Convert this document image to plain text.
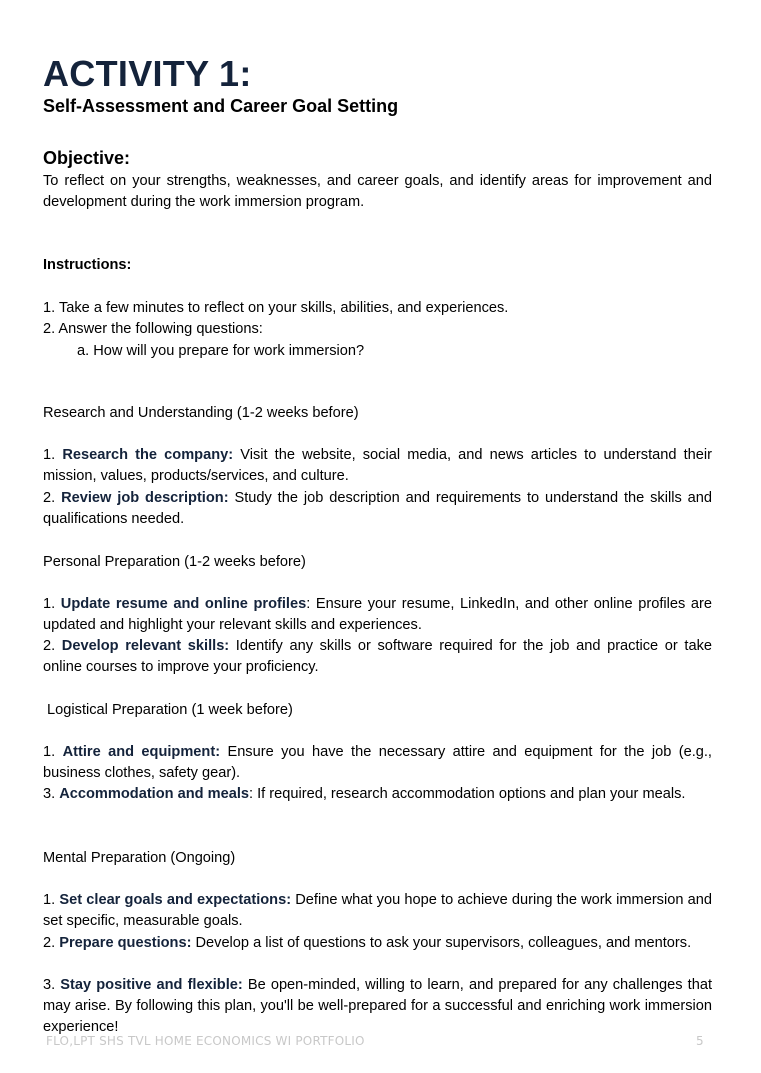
ACTIVITY 1:
Self-Assessment and Career Goal Setting
Objective:

To reflect on your strengths, weaknesses, and career goals, and identify areas for improvement and development during the work immersion program.

Instructions:

1. Take a few minutes to reflect on your skills, abilities, and experiences.

2. Answer the following questions:

a. How will you prepare for work immersion?

Research and Understanding (1-2 weeks before)

1. Research the company: Visit the website, social media, and news articles to understand their mission, values, products/services, and culture.

2. Review job description: Study the job description and requirements to understand the skills and qualifications needed.

Personal Preparation (1-2 weeks before)

1. Update resume and online profiles: Ensure your resume, LinkedIn, and other online profiles are updated and highlight your relevant skills and experiences.

2. Develop relevant skills: Identify any skills or software required for the job and practice or take online courses to improve your proficiency.

Logistical Preparation (1 week before)

1. Attire and equipment: Ensure you have the necessary attire and equipment for the job (e.g., business clothes, safety gear).

3. Accommodation and meals: If required, research accommodation options and plan your meals.

Mental Preparation (Ongoing)

1. Set clear goals and expectations: Define what you hope to achieve during the work immersion and set specific, measurable goals.

2. Prepare questions: Develop a list of questions to ask your supervisors, colleagues, and mentors.

3. Stay positive and flexible: Be open-minded, willing to learn, and prepared for any challenges that may arise. By following this plan, you'll be well-prepared for a successful and enriching work immersion experience!

FLO,LPT SHS TVL HOME ECONOMICS WI PORTFOLIO	5
